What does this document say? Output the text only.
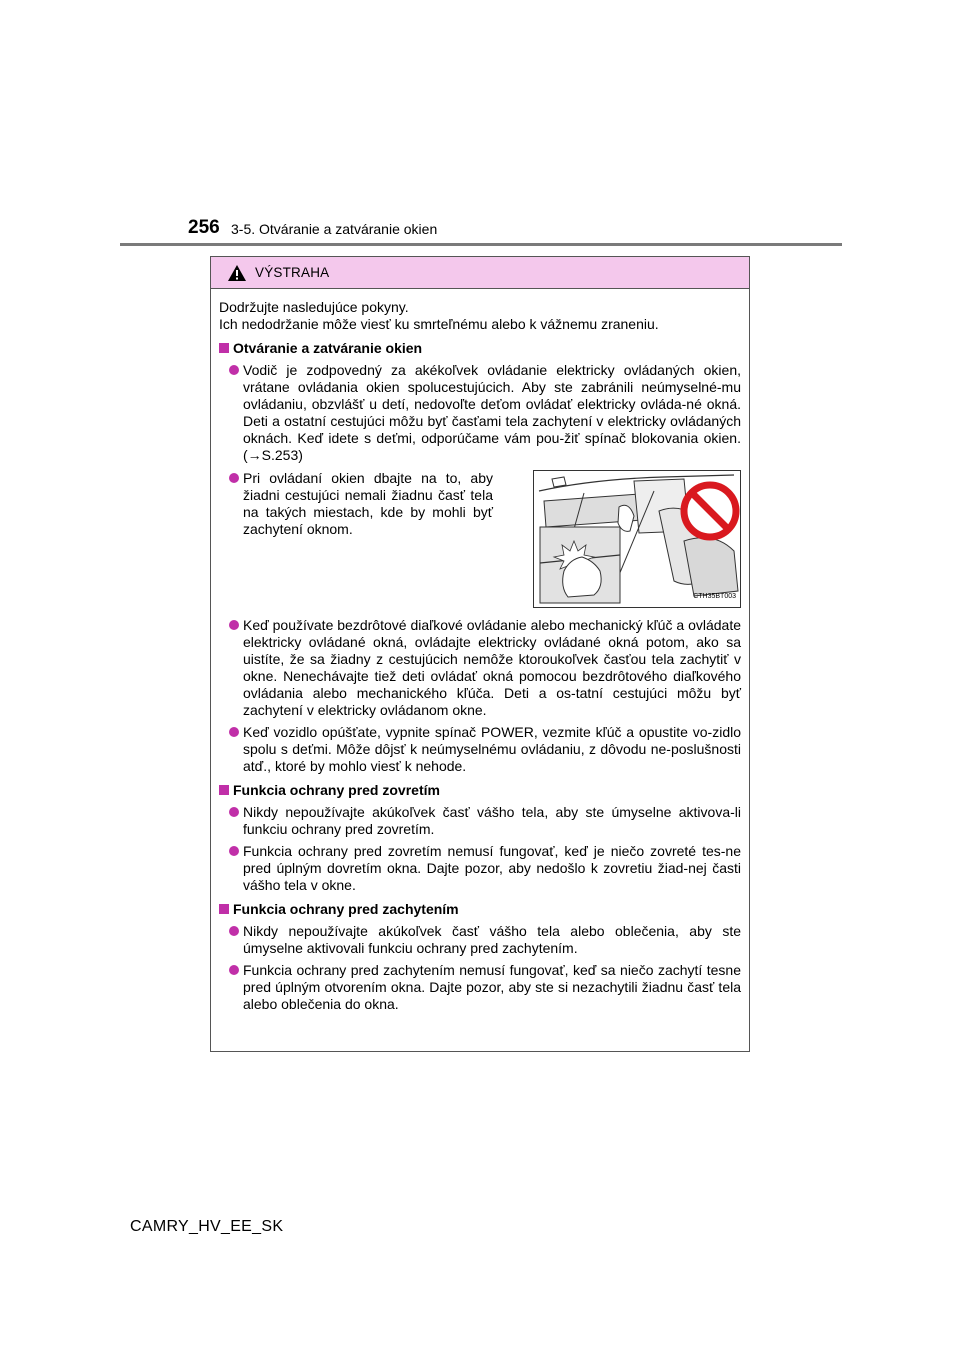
256 3-5. Otváranie a zatváranie okien
VÝSTRAHA

Dodržujte nasledujúce pokyny.

Ich nedodržanie môže viesť ku smrteľnému alebo k vážnemu zraneniu.

Otváranie a zatváranie okien
Vodič je zodpovedný za akékoľvek ovládanie elektricky ovládaných okien, vrátane ovládania okien spolucestujúcich. Aby ste zabránili neúmyselné-mu ovládaniu, obzvlášť u detí, nedovoľte deťom ovládať elektricky ovláda-né okná. Deti a ostatní cestujúci môžu byť časťami tela zachytení v elektricky ovládaných oknách. Keď idete s deťmi, odporúčame vám pou-žiť spínač blokovania okien. (→S.253)
Pri ovládaní okien dbajte na to, aby žiadni cestujúci nemali žiadnu časť tela na takých miestach, kde by mohli byť zachytení oknom.
CTH35BT003
Keď používate bezdrôtové diaľkové ovládanie alebo mechanický kľúč a ovládate elektricky ovládané okná, ovládajte elektricky ovládané okná potom, ako sa uistíte, že sa žiadny z cestujúcich nemôže ktoroukoľvek časťou tela zachytiť v okne. Nenechávajte tiež deti ovládať okná pomocou bezdrôtového diaľkového ovládania alebo mechanického kľúča. Deti a os-tatní cestujúci môžu byť zachytení v elektricky ovládanom okne.
Keď vozidlo opúšťate, vypnite spínač POWER, vezmite kľúč a opustite vo-zidlo spolu s deťmi. Môže dôjsť k neúmyselnému ovládaniu, z dôvodu ne-poslušnosti atď., ktoré by mohlo viesť k nehode.
Funkcia ochrany pred zovretím
Nikdy nepoužívajte akúkoľvek časť vášho tela, aby ste úmyselne aktivova-li funkciu ochrany pred zovretím.
Funkcia ochrany pred zovretím nemusí fungovať, keď je niečo zovreté tes-ne pred úplným dovretím okna. Dajte pozor, aby nedošlo k zovretiu žiad-nej časti vášho tela v okne.
Funkcia ochrany pred zachytením
Nikdy nepoužívajte akúkoľvek časť vášho tela alebo oblečenia, aby ste úmyselne aktivovali funkciu ochrany pred zachytením.
Funkcia ochrany pred zachytením nemusí fungovať, keď sa niečo zachytí tesne pred úplným otvorením okna. Dajte pozor, aby ste si nezachytili žiadnu časť tela alebo oblečenia do okna.
CAMRY_HV_EE_SK
